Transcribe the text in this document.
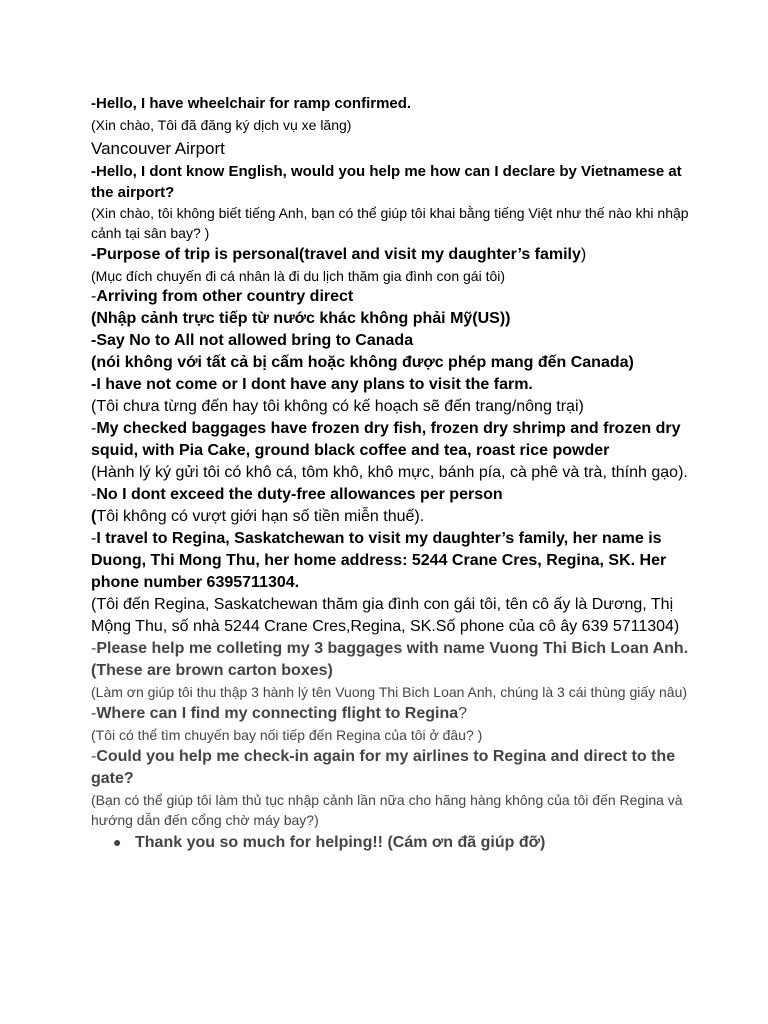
-Hello, I have wheelchair for ramp confirmed.
(Xin chào, Tôi đã đăng ký dịch vụ xe lăng)
Vancouver Airport
-Hello, I dont know English, would you help me how can I declare by Vietnamese at the airport?
(Xin chào, tôi không biết tiếng Anh, bạn có thể giúp tôi khai bằng tiếng Việt như thế nào khi nhập cảnh tại sân bay? )
-Purpose of trip is personal(travel and visit my daughter’s family)
(Mục đích chuyến đi cá nhân là đi du lịch thăm gia đình con gái tôi)
-Arriving from other country direct
(Nhập cảnh trực tiếp từ nước khác không phải Mỹ(US))
-Say No to All not allowed bring to Canada
(nói không với tất cả bị cấm hoặc không được phép mang đến Canada)
-I have not come or I dont have any plans to visit the farm.
(Tôi chưa từng đến hay tôi không có kế hoạch sẽ đến trang/nông trại)
-My checked baggages have frozen dry fish, frozen dry shrimp and frozen dry squid, with Pia Cake, ground black coffee and tea, roast rice powder
(Hành lý ký gửi tôi có khô cá, tôm khô, khô mực, bánh pía, cà phê và trà, thính gạo).
-No I dont exceed the duty-free allowances per person
(Tôi không có vượt giới hạn số tiền miễn thuế).
-I travel to Regina, Saskatchewan to visit my daughter’s family, her name is Duong, Thi Mong Thu, her home address: 5244 Crane Cres, Regina, SK. Her phone number 6395711304.
(Tôi đến Regina, Saskatchewan thăm gia đình con gái tôi, tên cô ấy là Dương, Thị Mộng Thu, số nhà 5244 Crane Cres,Regina, SK.Số phone của cô ây 639 5711304)
-Please help me colleting my 3 baggages with name Vuong Thi Bich Loan Anh. (These are brown carton boxes)
(Làm ơn giúp tôi thu thập 3 hành lý tên Vuong Thi Bich Loan Anh, chúng là 3 cái thùng giấy nâu)
-Where can I find my connecting flight to Regina?
(Tôi có thể tìm chuyến bay nối tiếp đến Regina của tôi ở đâu? )
-Could you help me check-in again for my airlines to Regina and direct to the gate?
(Bạn có thể giúp tôi làm thủ tục nhập cảnh lần nữa cho hãng hàng không của tôi đến Regina và hướng dẫn đến cổng chờ máy bay?)
● Thank you so much for helping!! (Cám ơn đã giúp đỡ)
